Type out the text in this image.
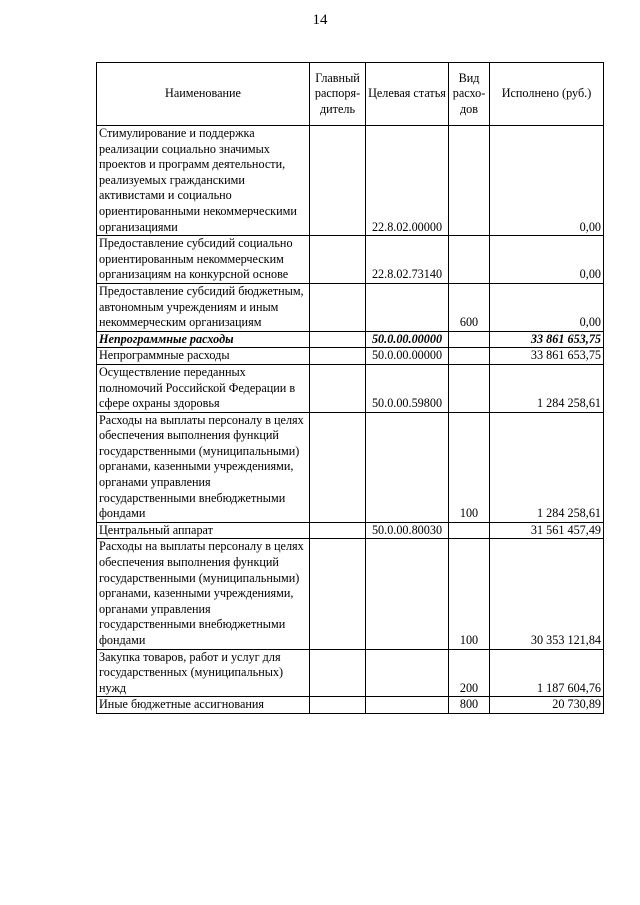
14
Наименование	Главный распоря-дитель	Целевая статья	Вид расхо-дов	Исполнено (руб.)
Стимулирование и поддержка реализации социально значимых проектов и программ деятельности, реализуемых гражданскими активистами и социально ориентированными некоммерческими организациями		22.8.02.00000		0,00
Предоставление субсидий социально ориентированным некоммерческим организациям на конкурсной основе		22.8.02.73140		0,00
Предоставление субсидий бюджетным, автономным учреждениям и иным некоммерческим организациям			600	0,00
Непрограммные расходы		50.0.00.00000		33 861 653,75
Непрограммные расходы		50.0.00.00000		33 861 653,75
Осуществление переданных полномочий Российской Федерации в сфере охраны здоровья		50.0.00.59800		1 284 258,61
Расходы на выплаты персоналу в целях обеспечения выполнения функций государственными (муниципальными) органами, казенными учреждениями, органами управления государственными внебюджетными фондами			100	1 284 258,61
Центральный аппарат		50.0.00.80030		31 561 457,49
Расходы на выплаты персоналу в целях обеспечения выполнения функций государственными (муниципальными) органами, казенными учреждениями, органами управления государственными внебюджетными фондами			100	30 353 121,84
Закупка товаров, работ и услуг для государственных (муниципальных) нужд			200	1 187 604,76
Иные бюджетные ассигнования			800	20 730,89
